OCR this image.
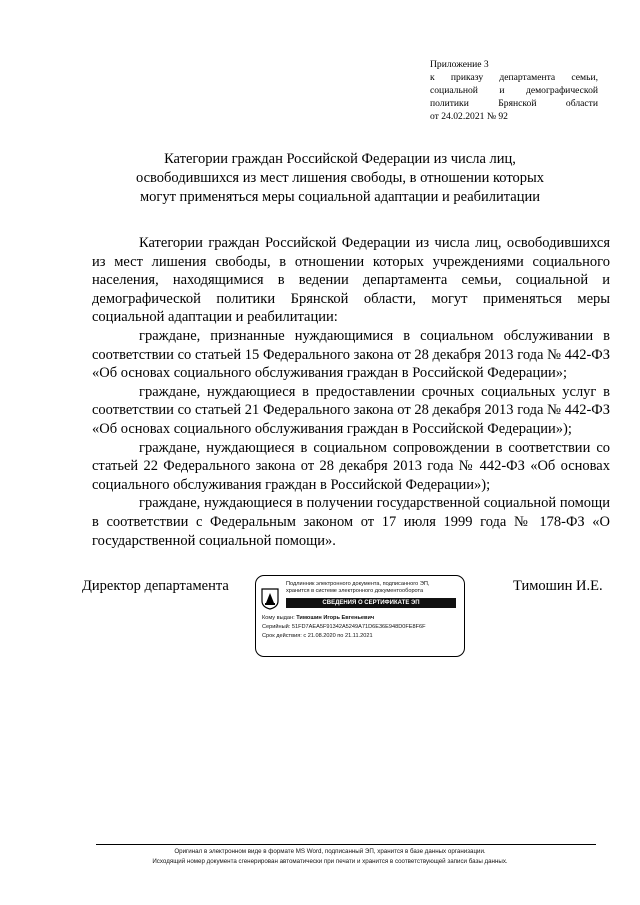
Приложение 3
к приказу департамента семьи,
социальной и демографической
политики Брянской области
от 24.02.2021 № 92
Категории граждан Российской Федерации из числа лиц,
освободившихся из мест лишения свободы, в отношении которых
могут применяться меры социальной адаптации и реабилитации

Категории граждан Российской Федерации из числа лиц, освободившихся из мест лишения свободы, в отношении которых учреждениями социального населения, находящимися в ведении департамента семьи, социальной и демографической политики Брянской области, могут применяться меры социальной адаптации и реабилитации:

граждане, признанные нуждающимися в социальном обслуживании в соответствии со статьей 15 Федерального закона от 28 декабря 2013 года № 442-ФЗ «Об основах социального обслуживания граждан в Российской Федерации»;

граждане, нуждающиеся в предоставлении срочных социальных услуг в соответствии со статьей 21 Федерального закона от 28 декабря 2013 года № 442-ФЗ «Об основах социального обслуживания граждан в Российской Федерации»);

граждане, нуждающиеся в социальном сопровождении в соответствии со статьей 22 Федерального закона от 28 декабря 2013 года № 442-ФЗ «Об основах социального обслуживания граждан в Российской Федерации»);

граждане, нуждающиеся в получении государственной социальной помощи в соответствии с Федеральным законом от 17 июля 1999 года № 178-ФЗ «О государственной социальной помощи».

Директор департамента	Тимошин И.Е.
Подлинник электронного документа, подписанного ЭП,
хранится в системе электронного документооборота
СВЕДЕНИЯ О СЕРТИФИКАТЕ ЭП
Кому выдан: Тимошин Игорь Евгеньевич
Серийный: 51FD7AEA5F91342A5249A71D6E36E948D0FE8F6F
Срок действия: с 21.08.2020 по 21.11.2021
Оригинал в электронном виде в формате MS Word, подписанный ЭП, хранится в базе данных организации.
Исходящий номер документа сгенерирован автоматически при печати и хранится в соответствующей записи базы данных.
